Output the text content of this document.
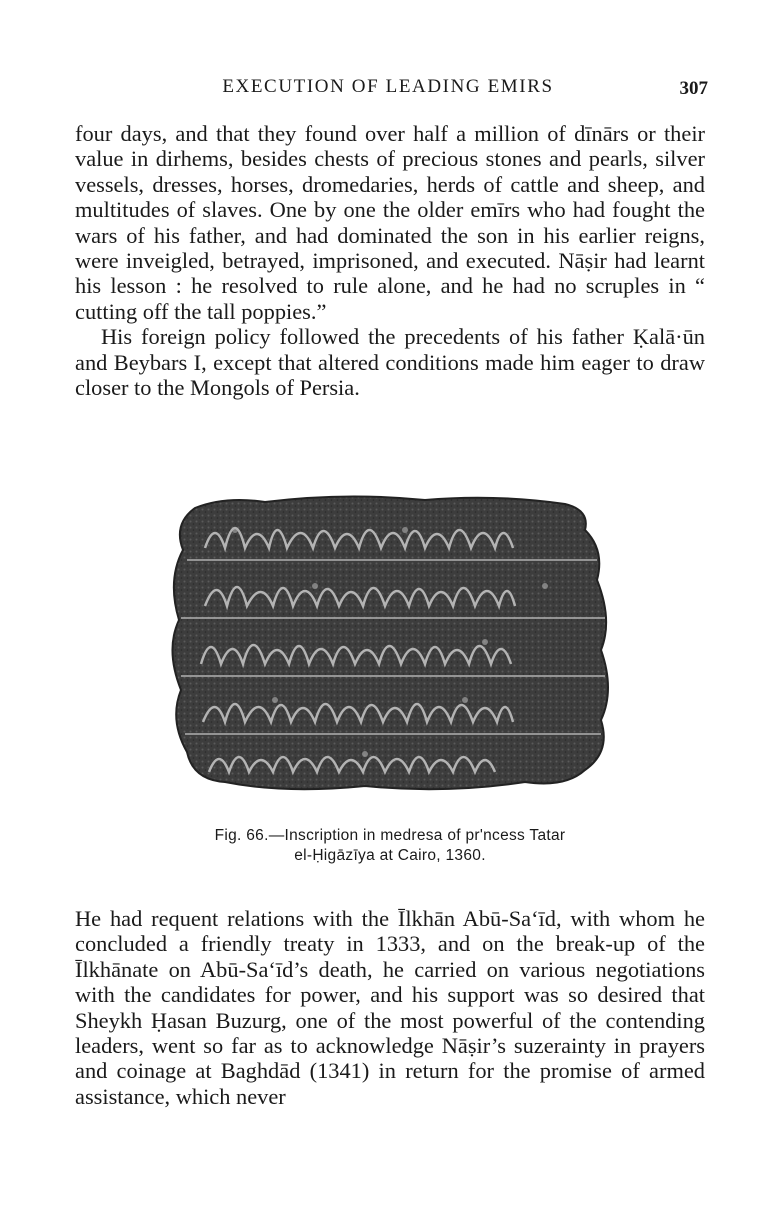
EXECUTION OF LEADING EMIRS	307

four days, and that they found over half a million of dīnārs or their value in dirhems, besides chests of precious stones and pearls, silver vessels, dresses, horses, dromedaries, herds of cattle and sheep, and multitudes of slaves. One by one the older emīrs who had fought the wars of his father, and had dominated the son in his earlier reigns, were inveigled, betrayed, imprisoned, and executed. Nāṣir had learnt his lesson : he resolved to rule alone, and he had no scruples in “ cutting off the tall poppies.”

His foreign policy followed the precedents of his father Ḳalā·ūn and Beybars I, except that altered conditions made him eager to draw closer to the Mongols of Persia.

Fig. 66.—Inscription in medresa of pr'ncess Tatar
el-Ḥigāzīya at Cairo, 1360.

He had requent relations with the Īlkhān Abū-Sa‘īd, with whom he concluded a friendly treaty in 1333, and on the break-up of the Īlkhānate on Abū-Sa‘īd’s death, he carried on various negotiations with the candidates for power, and his support was so desired that Sheykh Ḥasan Buzurg, one of the most powerful of the contending leaders, went so far as to acknowledge Nāṣir’s suzerainty in prayers and coinage at Baghdād (1341) in return for the promise of armed assistance, which never
